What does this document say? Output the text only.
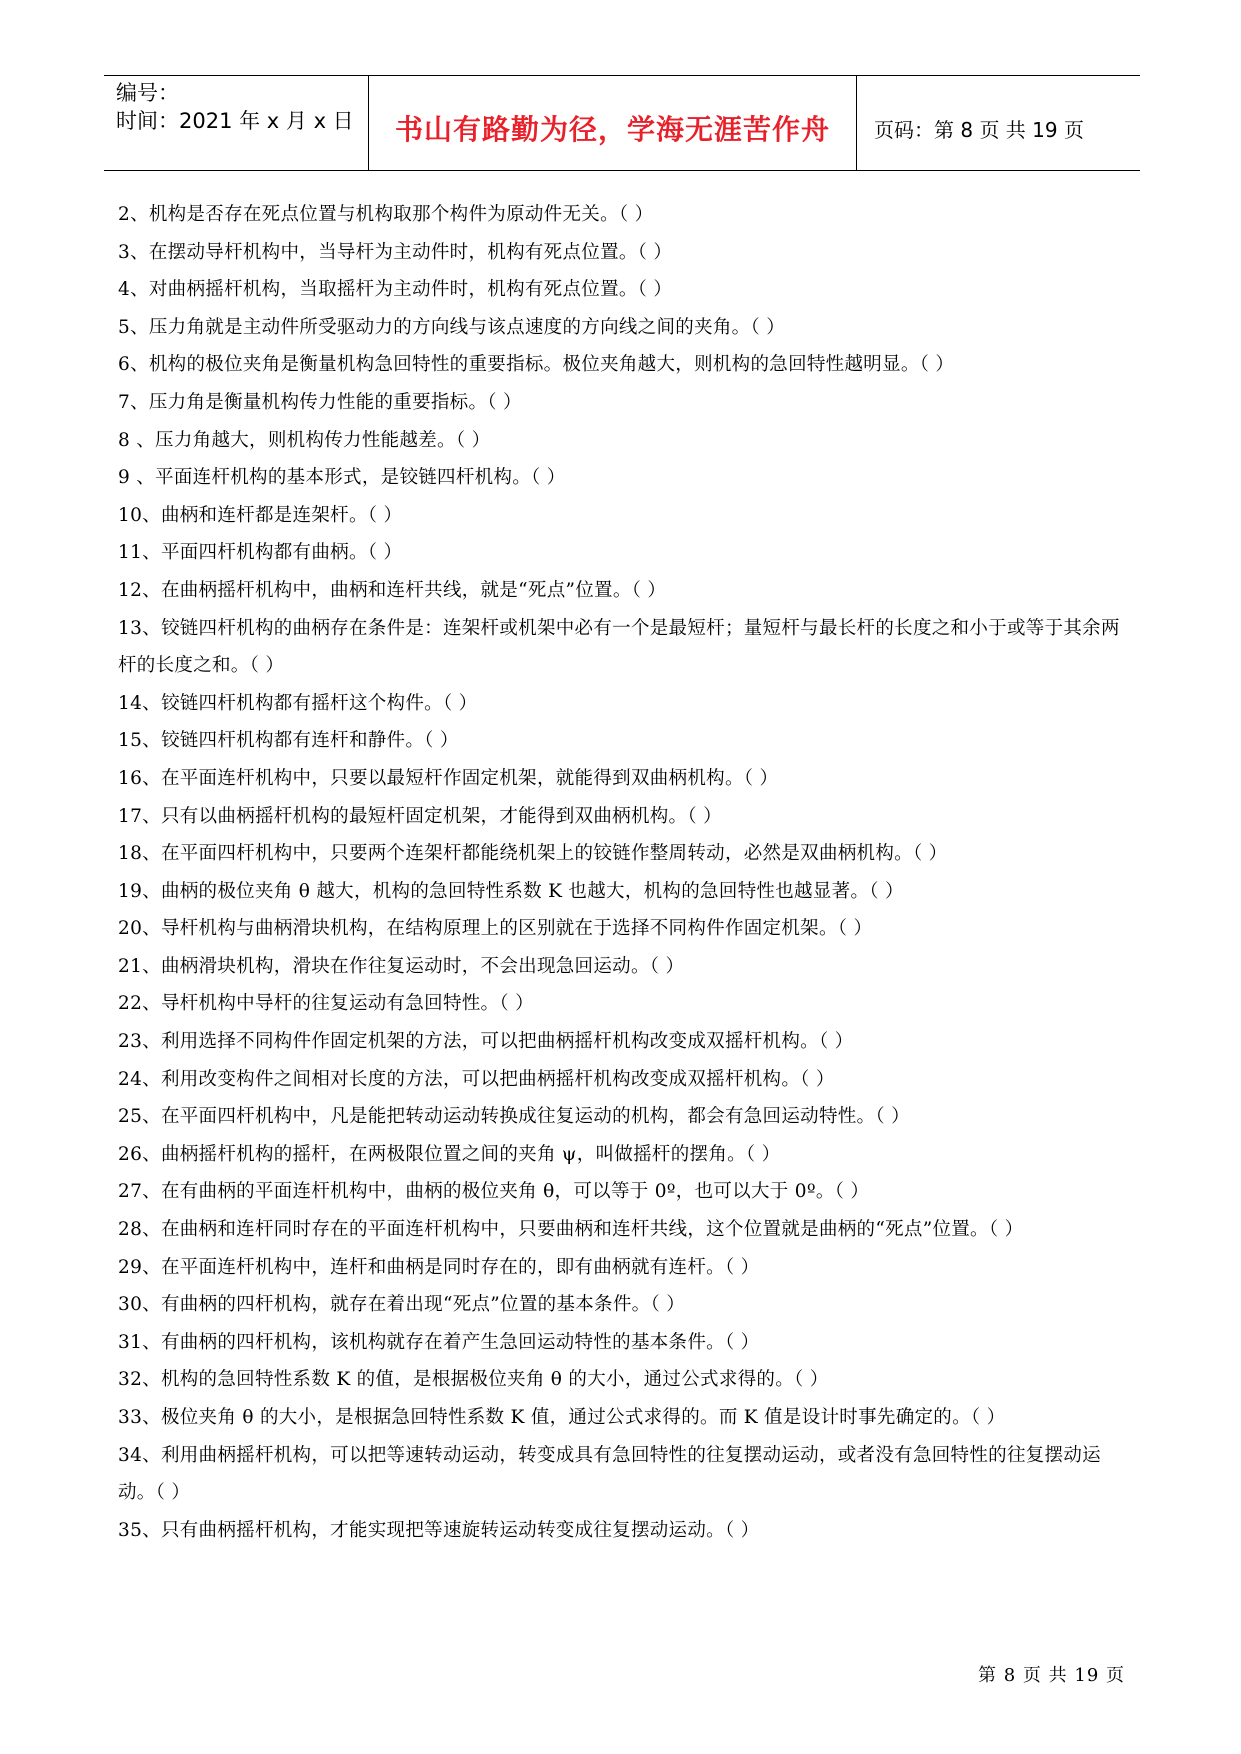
编号：
时间：2021 年 x 月 x 日 书山有路勤为径，学海无涯苦作舟 页码：第 8 页 共 19 页
2、机构是否存在死点位置与机构取那个构件为原动件无关。（ ）
3、在摆动导杆机构中，当导杆为主动件时，机构有死点位置。（ ）
4、对曲柄摇杆机构，当取摇杆为主动件时，机构有死点位置。（ ）
5、压力角就是主动件所受驱动力的方向线与该点速度的方向线之间的夹角。（ ）
6、机构的极位夹角是衡量机构急回特性的重要指标。极位夹角越大，则机构的急回特性越明显。（ ）
7、压力角是衡量机构传力性能的重要指标。（ ）
8 、压力角越大，则机构传力性能越差。（ ）
9 、平面连杆机构的基本形式，是铰链四杆机构。（ ）
10、曲柄和连杆都是连架杆。（ ）
11、平面四杆机构都有曲柄。（ ）
12、在曲柄摇杆机构中，曲柄和连杆共线，就是“死点”位置。（ ）
13、铰链四杆机构的曲柄存在条件是：连架杆或机架中必有一个是最短杆；量短杆与最长杆的长度之和小于或等于其余两杆的长度之和。（ ）
14、铰链四杆机构都有摇杆这个构件。（ ）
15、铰链四杆机构都有连杆和静件。（ ）
16、在平面连杆机构中，只要以最短杆作固定机架，就能得到双曲柄机构。（ ）
17、只有以曲柄摇杆机构的最短杆固定机架，才能得到双曲柄机构。（ ）
18、在平面四杆机构中，只要两个连架杆都能绕机架上的铰链作整周转动，必然是双曲柄机构。（ ）
19、曲柄的极位夹角 θ 越大，机构的急回特性系数 K 也越大，机构的急回特性也越显著。（ ）
20、导杆机构与曲柄滑块机构，在结构原理上的区别就在于选择不同构件作固定机架。（ ）
21、曲柄滑块机构，滑块在作往复运动时，不会出现急回运动。（ ）
22、导杆机构中导杆的往复运动有急回特性。（ ）
23、利用选择不同构件作固定机架的方法，可以把曲柄摇杆机构改变成双摇杆机构。（ ）
24、利用改变构件之间相对长度的方法，可以把曲柄摇杆机构改变成双摇杆机构。（ ）
25、在平面四杆机构中，凡是能把转动运动转换成往复运动的机构，都会有急回运动特性。（ ）
26、曲柄摇杆机构的摇杆，在两极限位置之间的夹角 ψ，叫做摇杆的摆角。（ ）
27、在有曲柄的平面连杆机构中，曲柄的极位夹角 θ，可以等于 0º，也可以大于 0º。（ ）
28、在曲柄和连杆同时存在的平面连杆机构中，只要曲柄和连杆共线，这个位置就是曲柄的“死点”位置。（ ）
29、在平面连杆机构中，连杆和曲柄是同时存在的，即有曲柄就有连杆。（ ）
30、有曲柄的四杆机构，就存在着出现“死点”位置的基本条件。（ ）
31、有曲柄的四杆机构，该机构就存在着产生急回运动特性的基本条件。（ ）
32、机构的急回特性系数 K 的值，是根据极位夹角 θ 的大小，通过公式求得的。（ ）
33、极位夹角 θ 的大小，是根据急回特性系数 K 值，通过公式求得的。而 K 值是设计时事先确定的。（ ）
34、利用曲柄摇杆机构，可以把等速转动运动，转变成具有急回特性的往复摆动运动，或者没有急回特性的往复摆动运动。（ ）
35、只有曲柄摇杆机构，才能实现把等速旋转运动转变成往复摆动运动。（ ）
第 8 页 共 19 页
